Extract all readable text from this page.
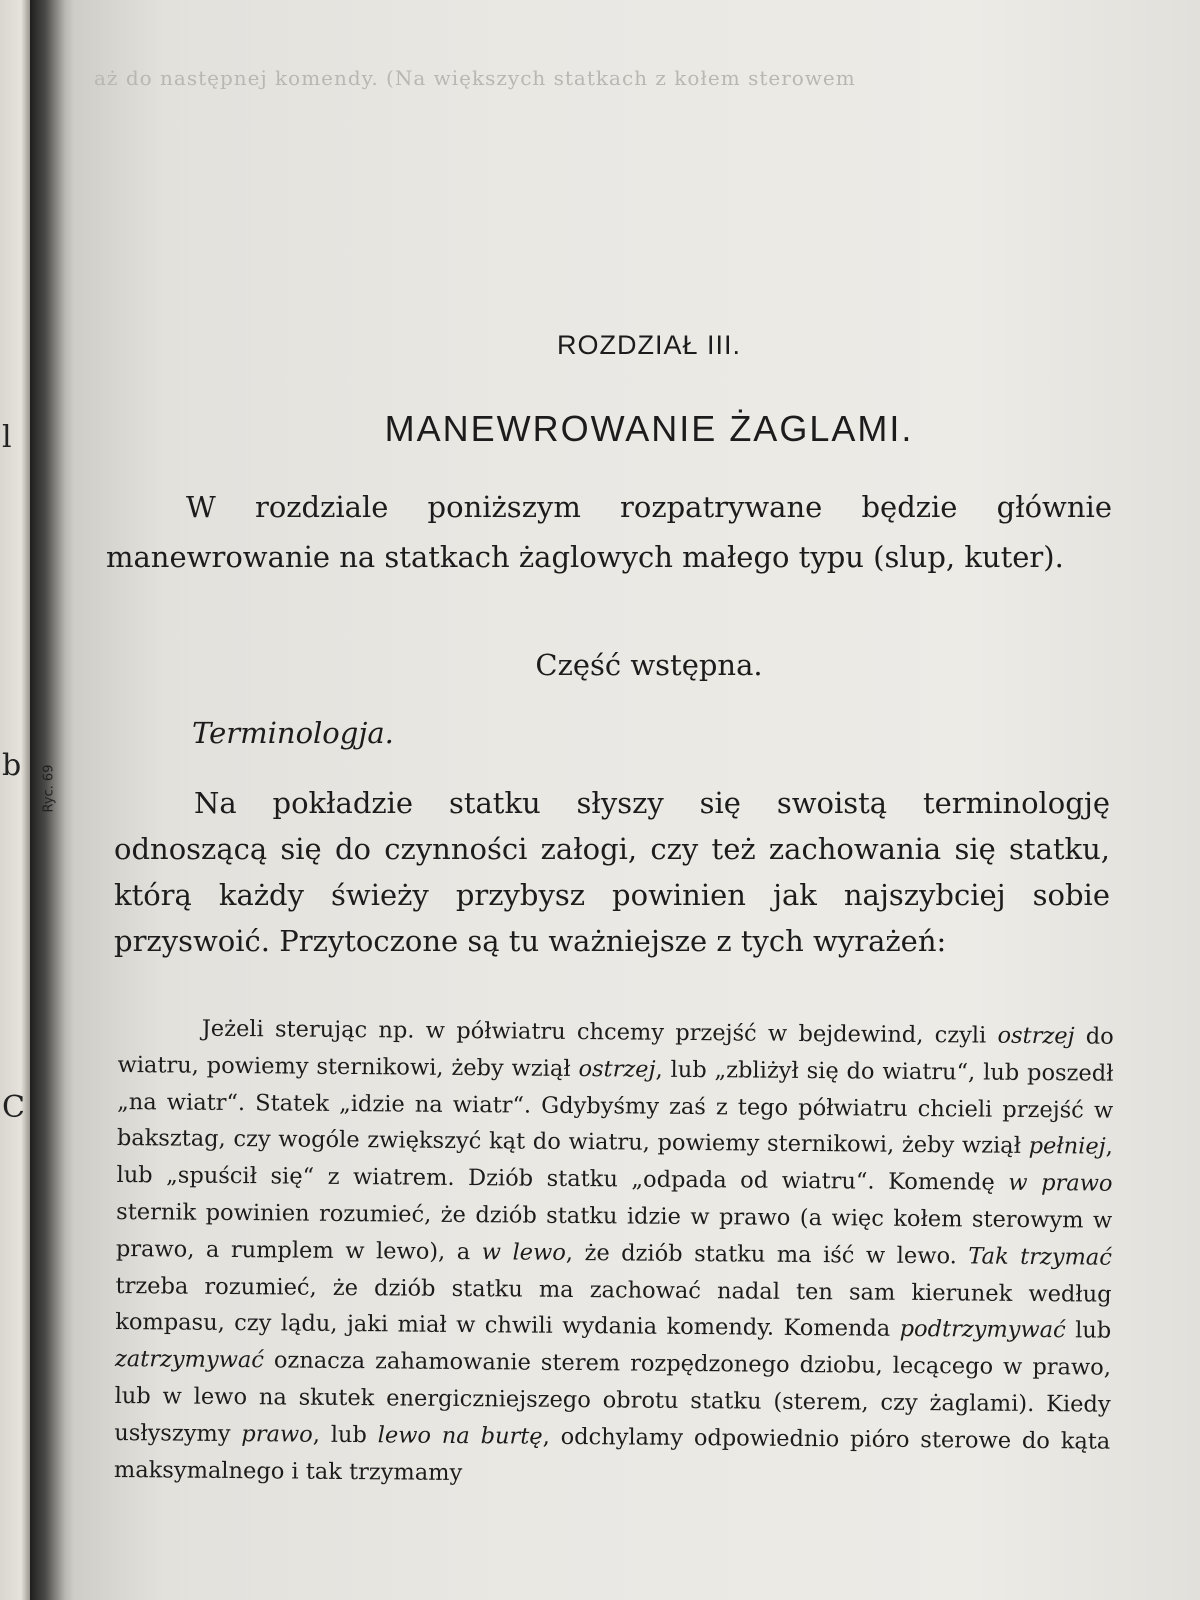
l
b
C
Ryc. 69
aż do następnej komendy. (Na większych statkach z kołem sterowem
ROZDZIAŁ III.
MANEWROWANIE ŻAGLAMI.
W rozdziale poniższym rozpatrywane będzie głównie manewrowanie na statkach żaglowych małego typu (slup, kuter).
Część wstępna.
Terminologja.
Na pokładzie statku słyszy się swoistą terminologję odnoszącą się do czynności załogi, czy też zachowania się statku, którą każdy świeży przybysz powinien jak najszybciej sobie przyswoić. Przytoczone są tu ważniejsze z tych wyrażeń:
Jeżeli sterując np. w półwiatru chcemy przejść w bejdewind, czyli ostrzej do wiatru, powiemy sternikowi, żeby wziął ostrzej, lub „zbliżył się do wiatru“, lub poszedł „na wiatr“. Statek „idzie na wiatr“. Gdybyśmy zaś z tego półwiatru chcieli przejść w baksztag, czy wogóle zwiększyć kąt do wiatru, powiemy sternikowi, żeby wziął pełniej, lub „spuścił się“ z wiatrem. Dziób statku „odpada od wiatru“. Komendę w prawo sternik powinien rozumieć, że dziób statku idzie w prawo (a więc kołem sterowym w prawo, a rumplem w lewo), a w lewo, że dziób statku ma iść w lewo. Tak trzymać trzeba rozumieć, że dziób statku ma zachować nadal ten sam kierunek według kompasu, czy lądu, jaki miał w chwili wydania komendy. Komenda podtrzymywać lub zatrzymywać oznacza zahamowanie sterem rozpędzonego dziobu, lecącego w prawo, lub w lewo na skutek energiczniejszego obrotu statku (sterem, czy żaglami). Kiedy usłyszymy prawo, lub lewo na burtę, odchylamy odpowiednio pióro sterowe do kąta maksymalnego i tak trzymamy
